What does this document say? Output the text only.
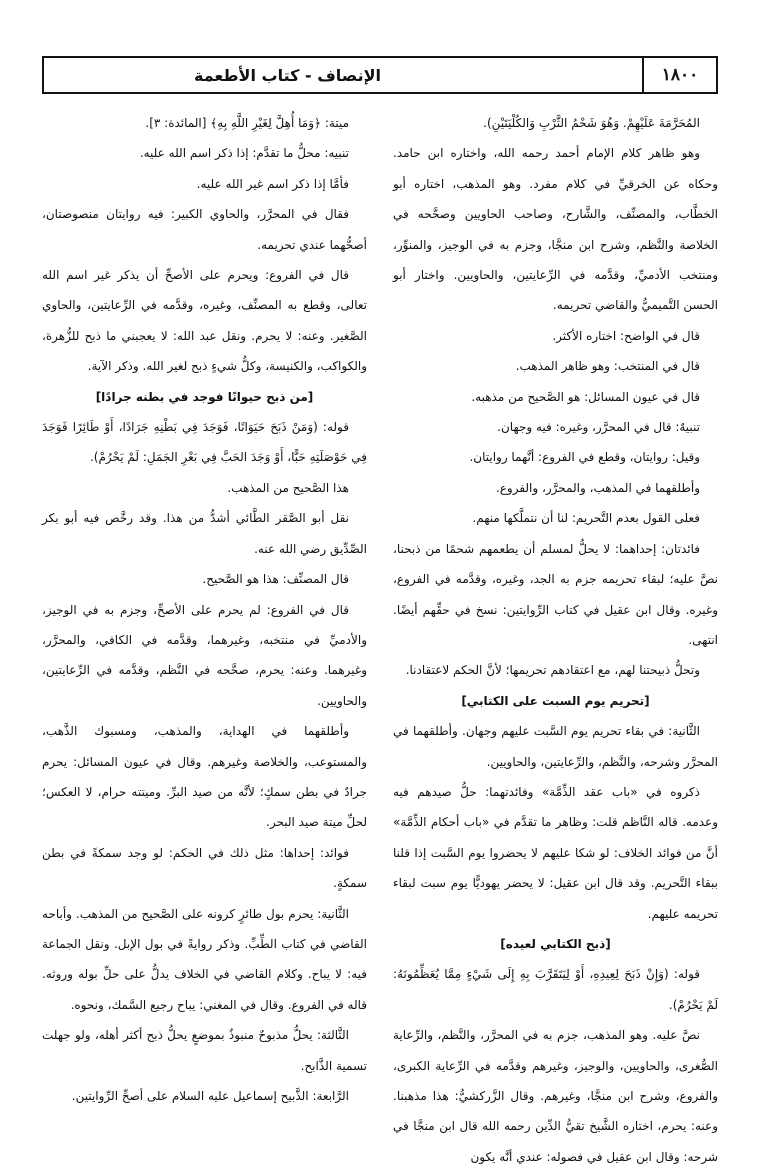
١٨٠٠
الإنصاف - كتاب الأطعمة

المُحَرَّمَةَ عَلَيْهِمْ. وَهُوَ شَحْمُ الثَّرْبِ وَالكُلْيَتَيْنِ).

وهو ظاهر كلام الإمام أحمد رحمه الله، واختاره ابن حامد. وحكاه عن الخرقيِّ في كلام مفرد. وهو المذهب، اختاره أبو الخطَّاب، والمصنِّف، والشَّارح، وصاحب الحاويين وصحَّحه في الخلاصة والنَّظم، وشرح ابن منجَّا، وجزم به في الوجيز، والمنوِّر، ومنتخب الأدميِّ، وقدَّمه في الرِّعايتين، والحاويين. واختار أبو الحسن التَّميميُّ والقاضي تحريمه.

قال في الواضح: اختاره الأكثر.

قال في المنتخب: وهو ظاهر المذهب.

قال في عيون المسائل: هو الصَّحيح من مذهبه.

تنبيهٌ: قال في المحرَّر، وغيره: فيه وجهان.

وقيل: روايتان، وقطع في الفروع: أنَّهما روايتان.

وأطلقهما في المذهب، والمحرَّر، والفروع.

فعلى القول بعدم التَّحريم: لنا أن نتملَّكها منهم.

فائدتان: إحداهما: لا يحلُّ لمسلم أن يطعمهم شحمًا من ذبحنا، نصَّ عليه؛ لبقاء تحريمه جزم به الجد، وغيره، وقدَّمه في الفروع، وغيره. وقال ابن عقيل في كتاب الرِّوايتين: نسخ في حقِّهم أيضًا. انتهى.

وتحلُّ ذبيحتنا لهم، مع اعتقادهم تحريمها؛ لأنَّ الحكم لاعتقادنا.

[تحريم يوم السبت على الكتابي]

الثَّانية: في بقاء تحريم يوم السَّبت عليهم وجهان. وأطلقهما في المحرَّر وشرحه، والنَّظم، والرِّعايتين، والحاويين.

ذكروه في «باب عقد الذِّمَّة» وفائدتهما: حلُّ صيدهم فيه وعدمه. قاله النَّاظم قلت: وظاهر ما تقدَّم في «باب أحكام الذِّمَّة» أنَّ من فوائد الخلاف: لو شكا عليهم لا يحضروا يوم السَّبت إذا قلنا ببقاء التَّحريم. وقد قال ابن عقيل: لا يحضر يهوديًّا يوم سبت لبقاء تحريمه عليهم.

[ذبح الكتابي لعيده]

قوله: (وَإِنْ ذَبَحَ لِعِيدِهِ، أَوْ لِيَتَقَرَّبَ بِهِ إِلَى شَيْءٍ مِمَّا يُعَظِّمُونَهُ: لَمْ يَحْرُمْ).

نصَّ عليه. وهو المذهب، جزم به في المحرَّر، والنَّظم، والرِّعاية الصُّغرى، والحاويين، والوجيز، وغيرهم وقدَّمه في الرِّعاية الكبرى، والفروع، وشرح ابن منجَّا، وغيرهم. وقال الزَّركشيُّ: هذا مذهبنا. وعنه: يحرم، اختاره الشَّيخ تقيُّ الدِّين رحمه الله قال ابن منجَّا في شرحه: وقال ابن عقيل في فصوله: عندي أنَّه يكون

ميتة: ﴿وَمَا أُهِلَّ لِغَيْرِ اللَّهِ بِهِ﴾ [المائدة: ٣].

تنبيه: محلُّ ما تقدَّم: إذا ذكر اسم الله عليه.

فأمَّا إذا ذكر اسم غير الله عليه.

فقال في المحرَّر، والحاوي الكبير: فيه روايتان منصوصتان، أصحُّهما عندي تحريمه.

قال في الفروع: ويحرم على الأصحِّ أن يذكر غير اسم الله تعالى، وقطع به المصنِّف، وغيره، وقدَّمه في الرِّعايتين، والحاوي الصَّغير. وعنه: لا يحرم. ونقل عبد الله: لا يعجبني ما ذبح للزُّهرة، والكواكب، والكنيسة، وكلُّ شيءٍ ذبح لغير الله. وذكر الآية.

[من ذبح حيوانًا فوجد في بطنه جرادًا]

قوله: (وَمَنْ ذَبَحَ حَيَوَانًا، فَوَجَدَ فِي بَطْنِهِ جَرَادًا، أَوْ طَائِرًا فَوَجَدَ فِي حَوْصَلَتِهِ حَبًّا، أَوْ وَجَدَ الحَبَّ فِي بَعْرِ الجَمَلِ: لَمْ يَحْرُمْ).

هذا الصَّحيح من المذهب.

نقل أبو الصَّقر الطَّائي أشدُّ من هذا. وقد رخَّص فيه أبو بكر الصِّدِّيق رضي الله عنه.

قال المصنِّف: هذا هو الصَّحيح.

قال في الفروع: لم يحرم على الأصحِّ، وجزم به في الوجيز، والأدميِّ في منتخبه، وغيرهما، وقدَّمه في الكافي، والمحرَّر، وغيرهما. وعنه: يحرم، صحَّحه في النَّظم، وقدَّمه في الرِّعايتين، والحاويين.

وأطلقهما في الهداية، والمذهب، ومسبوك الذَّهب، والمستوعب، والخلاصة وغيرهم. وقال في عيون المسائل: يحرم جرادٌ في بطن سمكٍ؛ لأنَّه من صيد البرِّ. وميتته حرام، لا العكس؛ لحلِّ ميتة صيد البحر.

فوائد: إحداها: مثل ذلك في الحكم: لو وجد سمكةً في بطن سمكةٍ.

الثَّانية: يحرم بول طائرٍ كرونه على الصَّحيح من المذهب. وأباحه القاضي في كتاب الطِّبِّ. وذكر روايةً في بول الإبل. ونقل الجماعة فيه: لا يباح. وكلام القاضي في الخلاف يدلُّ على حلِّ بوله وروثه. قاله في الفروع. وقال في المغني: يباح رجيع السَّمك، ونحوه.

الثَّالثة: يحلُّ مذبوحٌ منبوذٌ بموضعٍ يحلُّ ذبح أكثر أهله، ولو جهلت تسمية الذَّابح.

الرَّابعة: الذَّبيح إسماعيل عليه السلام على أصحِّ الرِّوايتين.
